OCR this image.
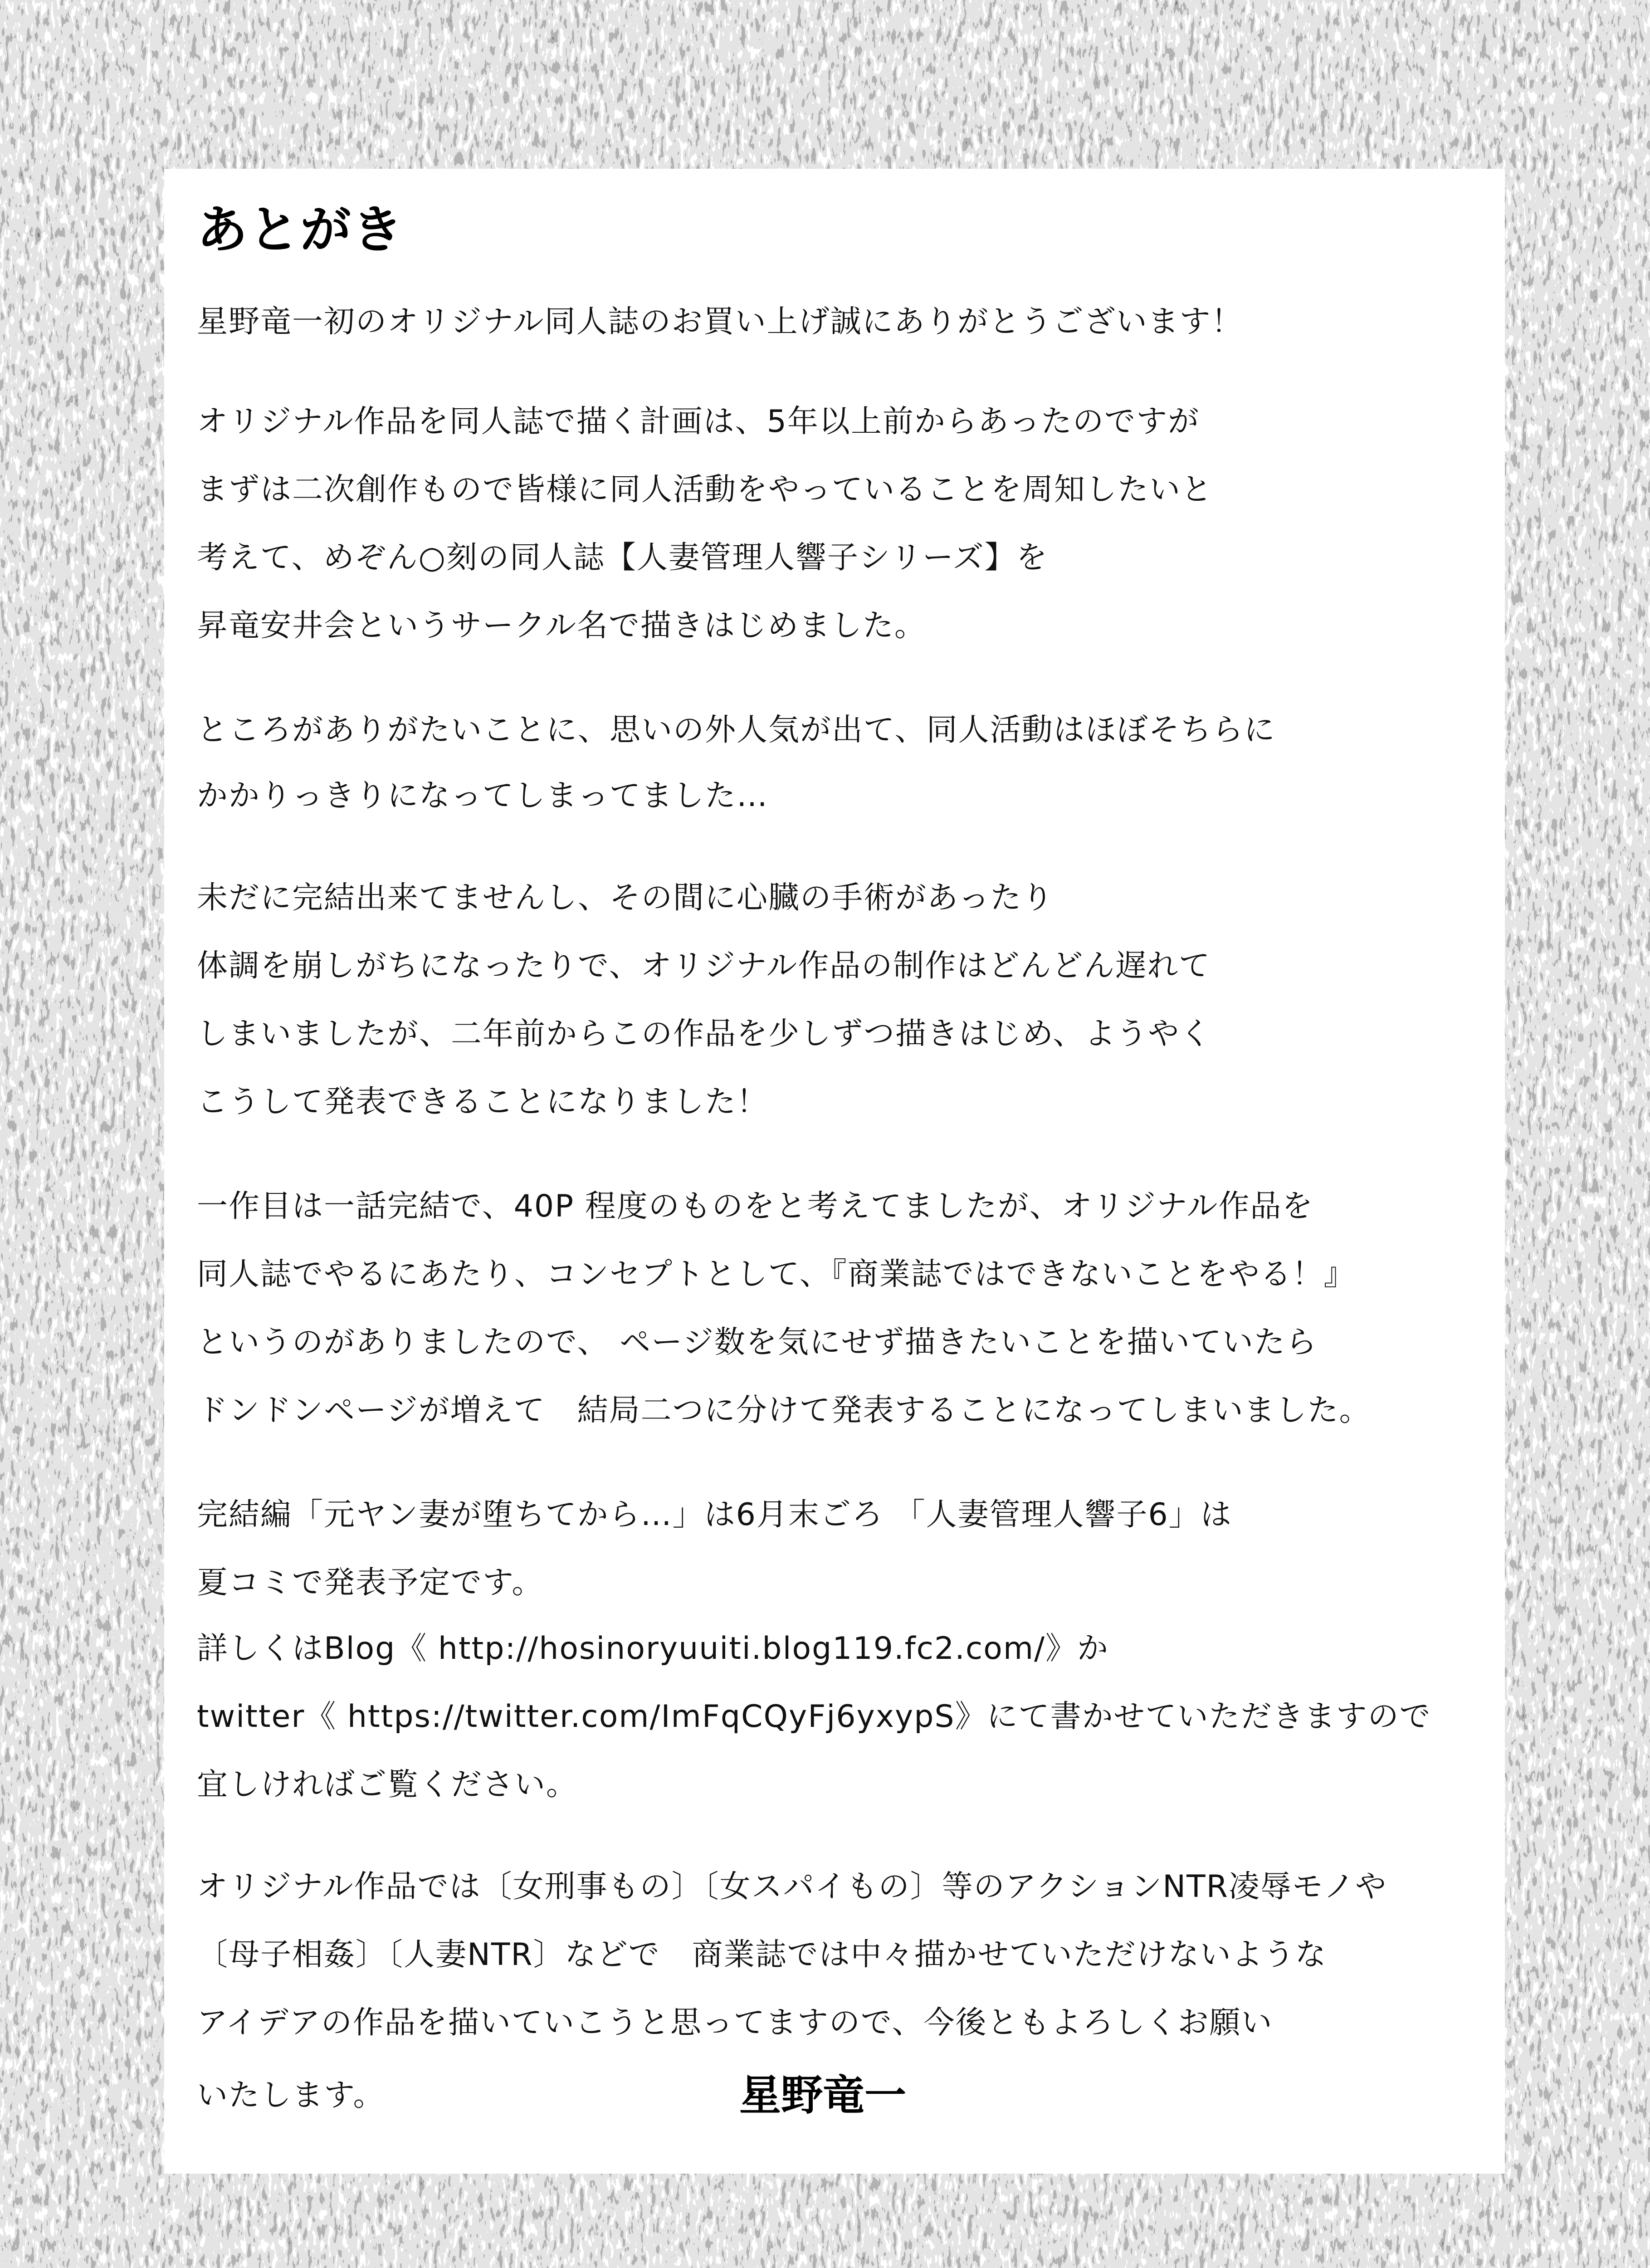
あとがき

星野竜一初のオリジナル同人誌のお買い上げ誠にありがとうございます！

オリジナル作品を同人誌で描く計画は、5年以上前からあったのですが

まずは二次創作もので皆様に同人活動をやっていることを周知したいと

考えて、めぞん○刻の同人誌【人妻管理人響子シリーズ】を

昇竜安井会というサークル名で描きはじめました。

ところがありがたいことに、思いの外人気が出て、同人活動はほぼそちらに

かかりっきりになってしまってました…

未だに完結出来てませんし、その間に心臓の手術があったり

体調を崩しがちになったりで、オリジナル作品の制作はどんどん遅れて

しまいましたが、二年前からこの作品を少しずつ描きはじめ、ようやく

こうして発表できることになりました！

一作目は一話完結で、40P 程度のものをと考えてましたが、オリジナル作品を

同人誌でやるにあたり、コンセプトとして、『商業誌ではできないことをやる！』

というのがありましたので、 ページ数を気にせず描きたいことを描いていたら

ドンドンページが増えて　結局二つに分けて発表することになってしまいました。

完結編「元ヤン妻が堕ちてから…」は6月末ごろ 「人妻管理人響子6」は

夏コミで発表予定です。

詳しくはBlog《 http://hosinoryuuiti.blog119.fc2.com/》か

twitter《 https://twitter.com/ImFqCQyFj6yxypS》にて書かせていただきますので

宜しければご覧ください。

オリジナル作品では〔女刑事もの〕〔女スパイもの〕等のアクションNTR凌辱モノや

〔母子相姦〕〔人妻NTR〕などで　商業誌では中々描かせていただけないような

アイデアの作品を描いていこうと思ってますので、今後ともよろしくお願い

いたします。	星野竜一
